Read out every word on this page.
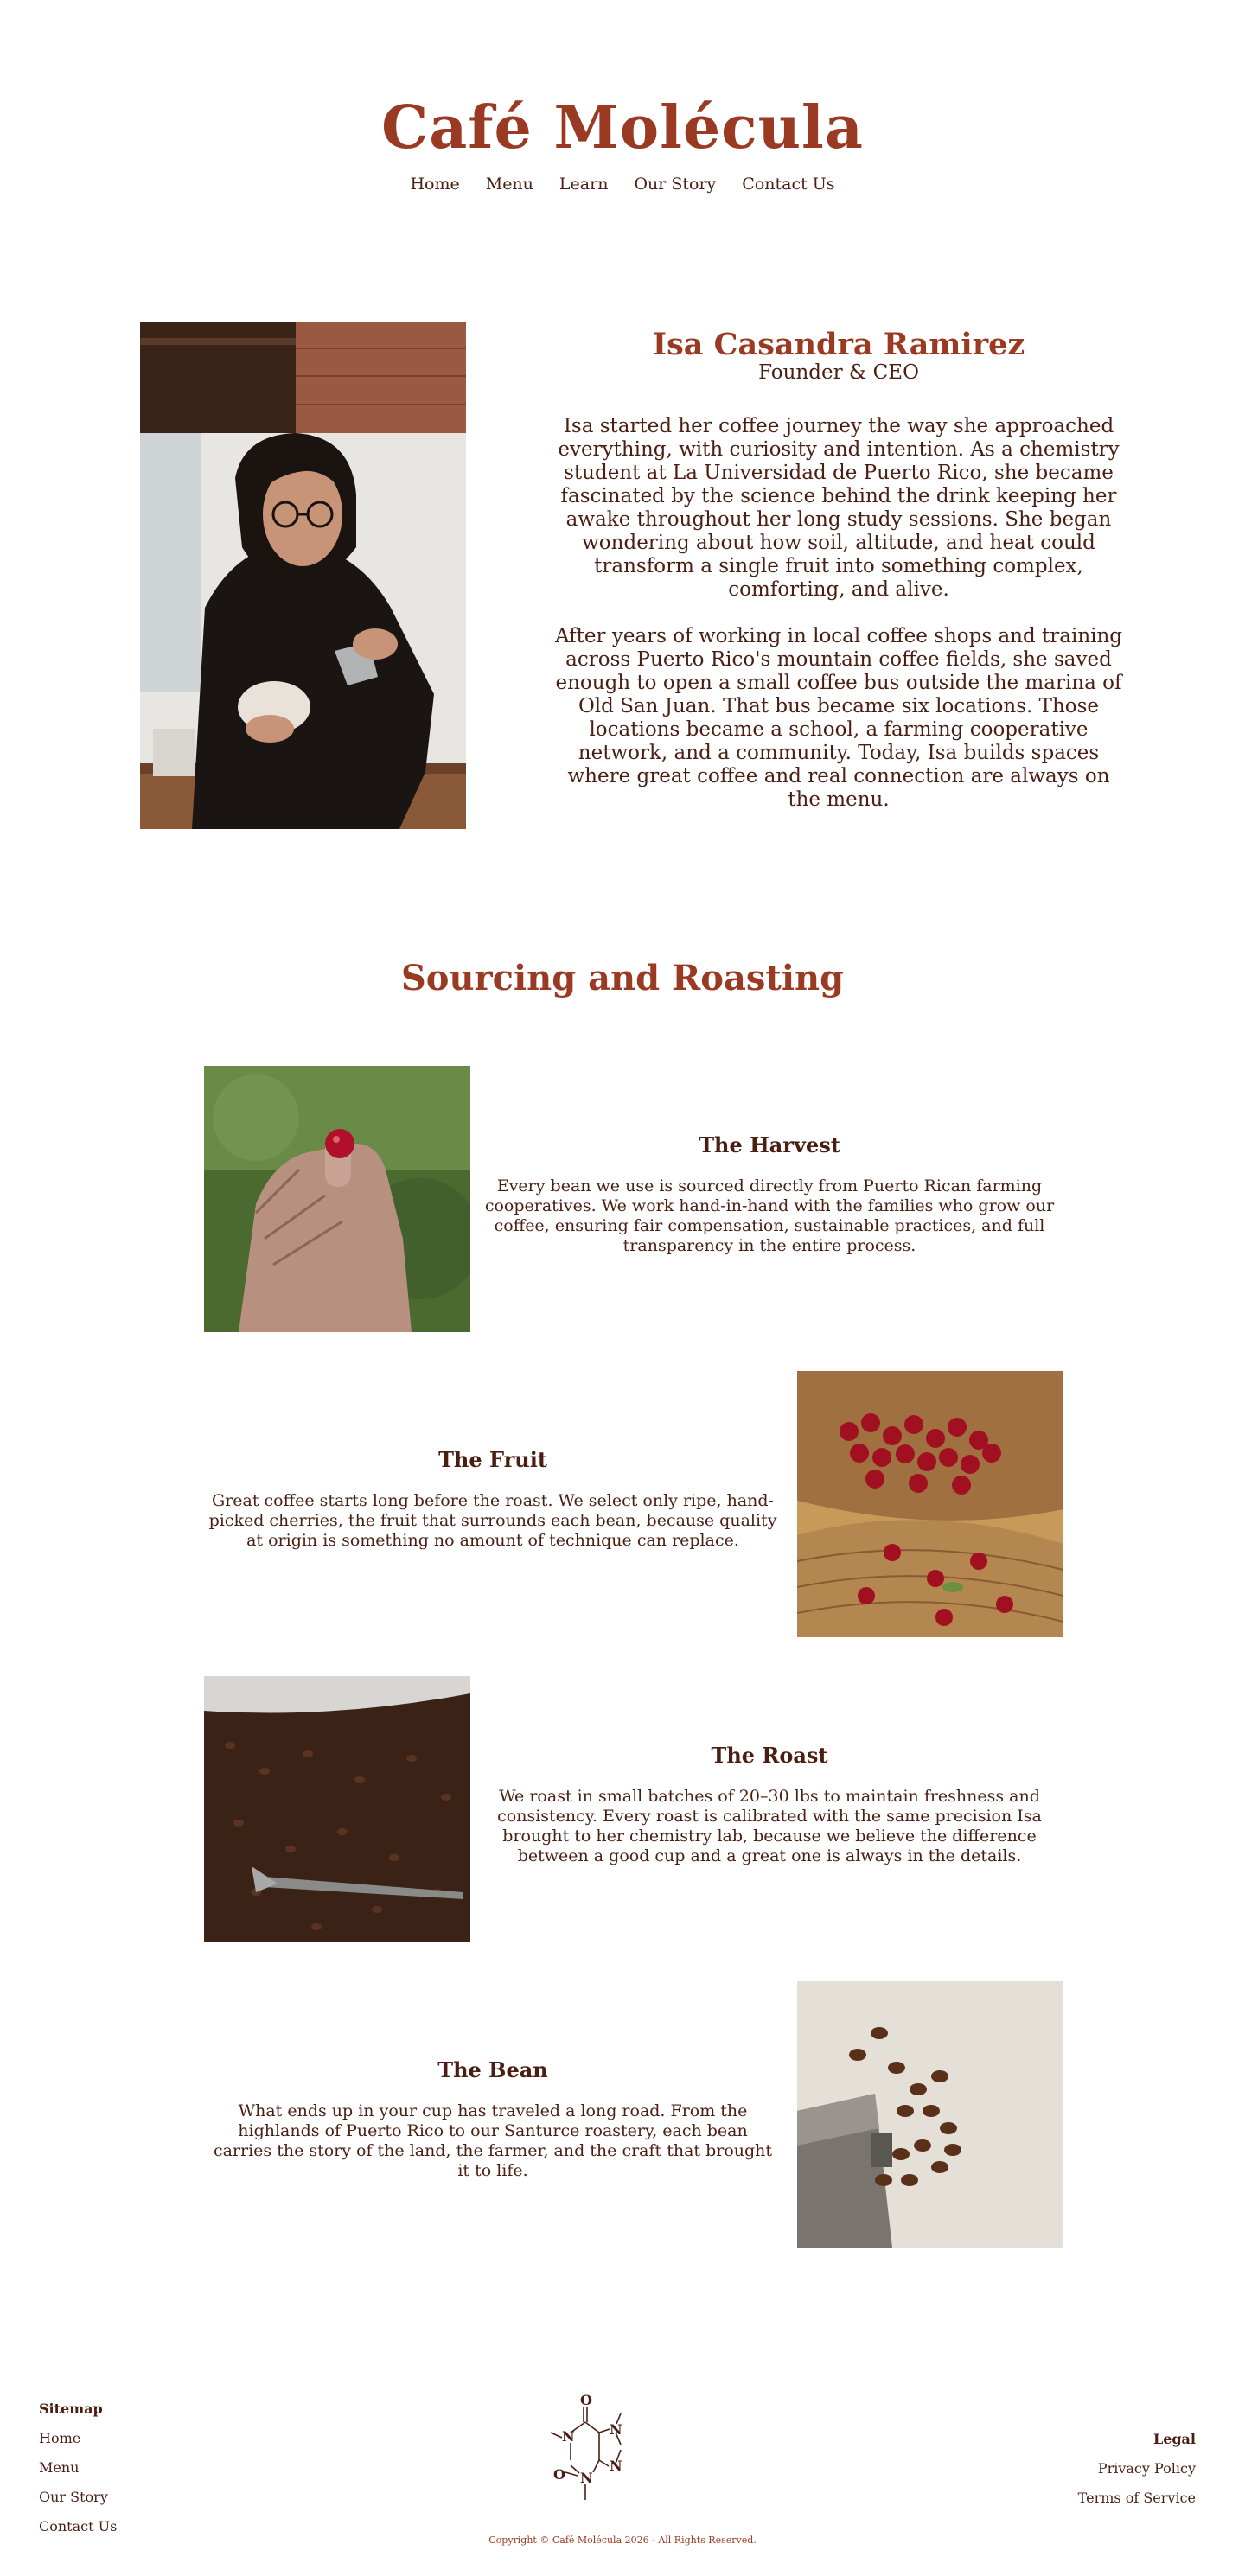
Café Molécula
Home Menu Learn Our Story Contact Us
Isa Casandra Ramirez
Founder & CEO

Isa started her coffee journey the way she approached everything, with curiosity and intention. As a chemistry student at La Universidad de Puerto Rico, she became fascinated by the science behind the drink keeping her awake throughout her long study sessions. She began wondering about how soil, altitude, and heat could transform a single fruit into something complex, comforting, and alive.

After years of working in local coffee shops and training across Puerto Rico's mountain coffee fields, she saved enough to open a small coffee bus outside the marina of Old San Juan. That bus became six locations. Those locations became a school, a farming cooperative network, and a community. Today, Isa builds spaces where great coffee and real connection are always on the menu.

Sourcing and Roasting
The Harvest

Every bean we use is sourced directly from Puerto Rican farming cooperatives. We work hand-in-hand with the families who grow our coffee, ensuring fair compensation, sustainable practices, and full transparency in the entire process.

The Fruit

Great coffee starts long before the roast. We select only ripe, hand-picked cherries, the fruit that surrounds each bean, because quality at origin is something no amount of technique can replace.

The Roast

We roast in small batches of 20–30 lbs to maintain freshness and consistency. Every roast is calibrated with the same precision Isa brought to her chemistry lab, because we believe the difference between a good cup and a great one is always in the details.

The Bean

What ends up in your cup has traveled a long road. From the highlands of Puerto Rico to our Santurce roastery, each bean carries the story of the land, the farmer, and the craft that brought it to life.

Sitemap
Home
Menu
Our Story
Contact Us
O
N	N
O N
N
Legal
Privacy Policy
Terms of Service
Copyright © Café Molécula 2026 - All Rights Reserved.
